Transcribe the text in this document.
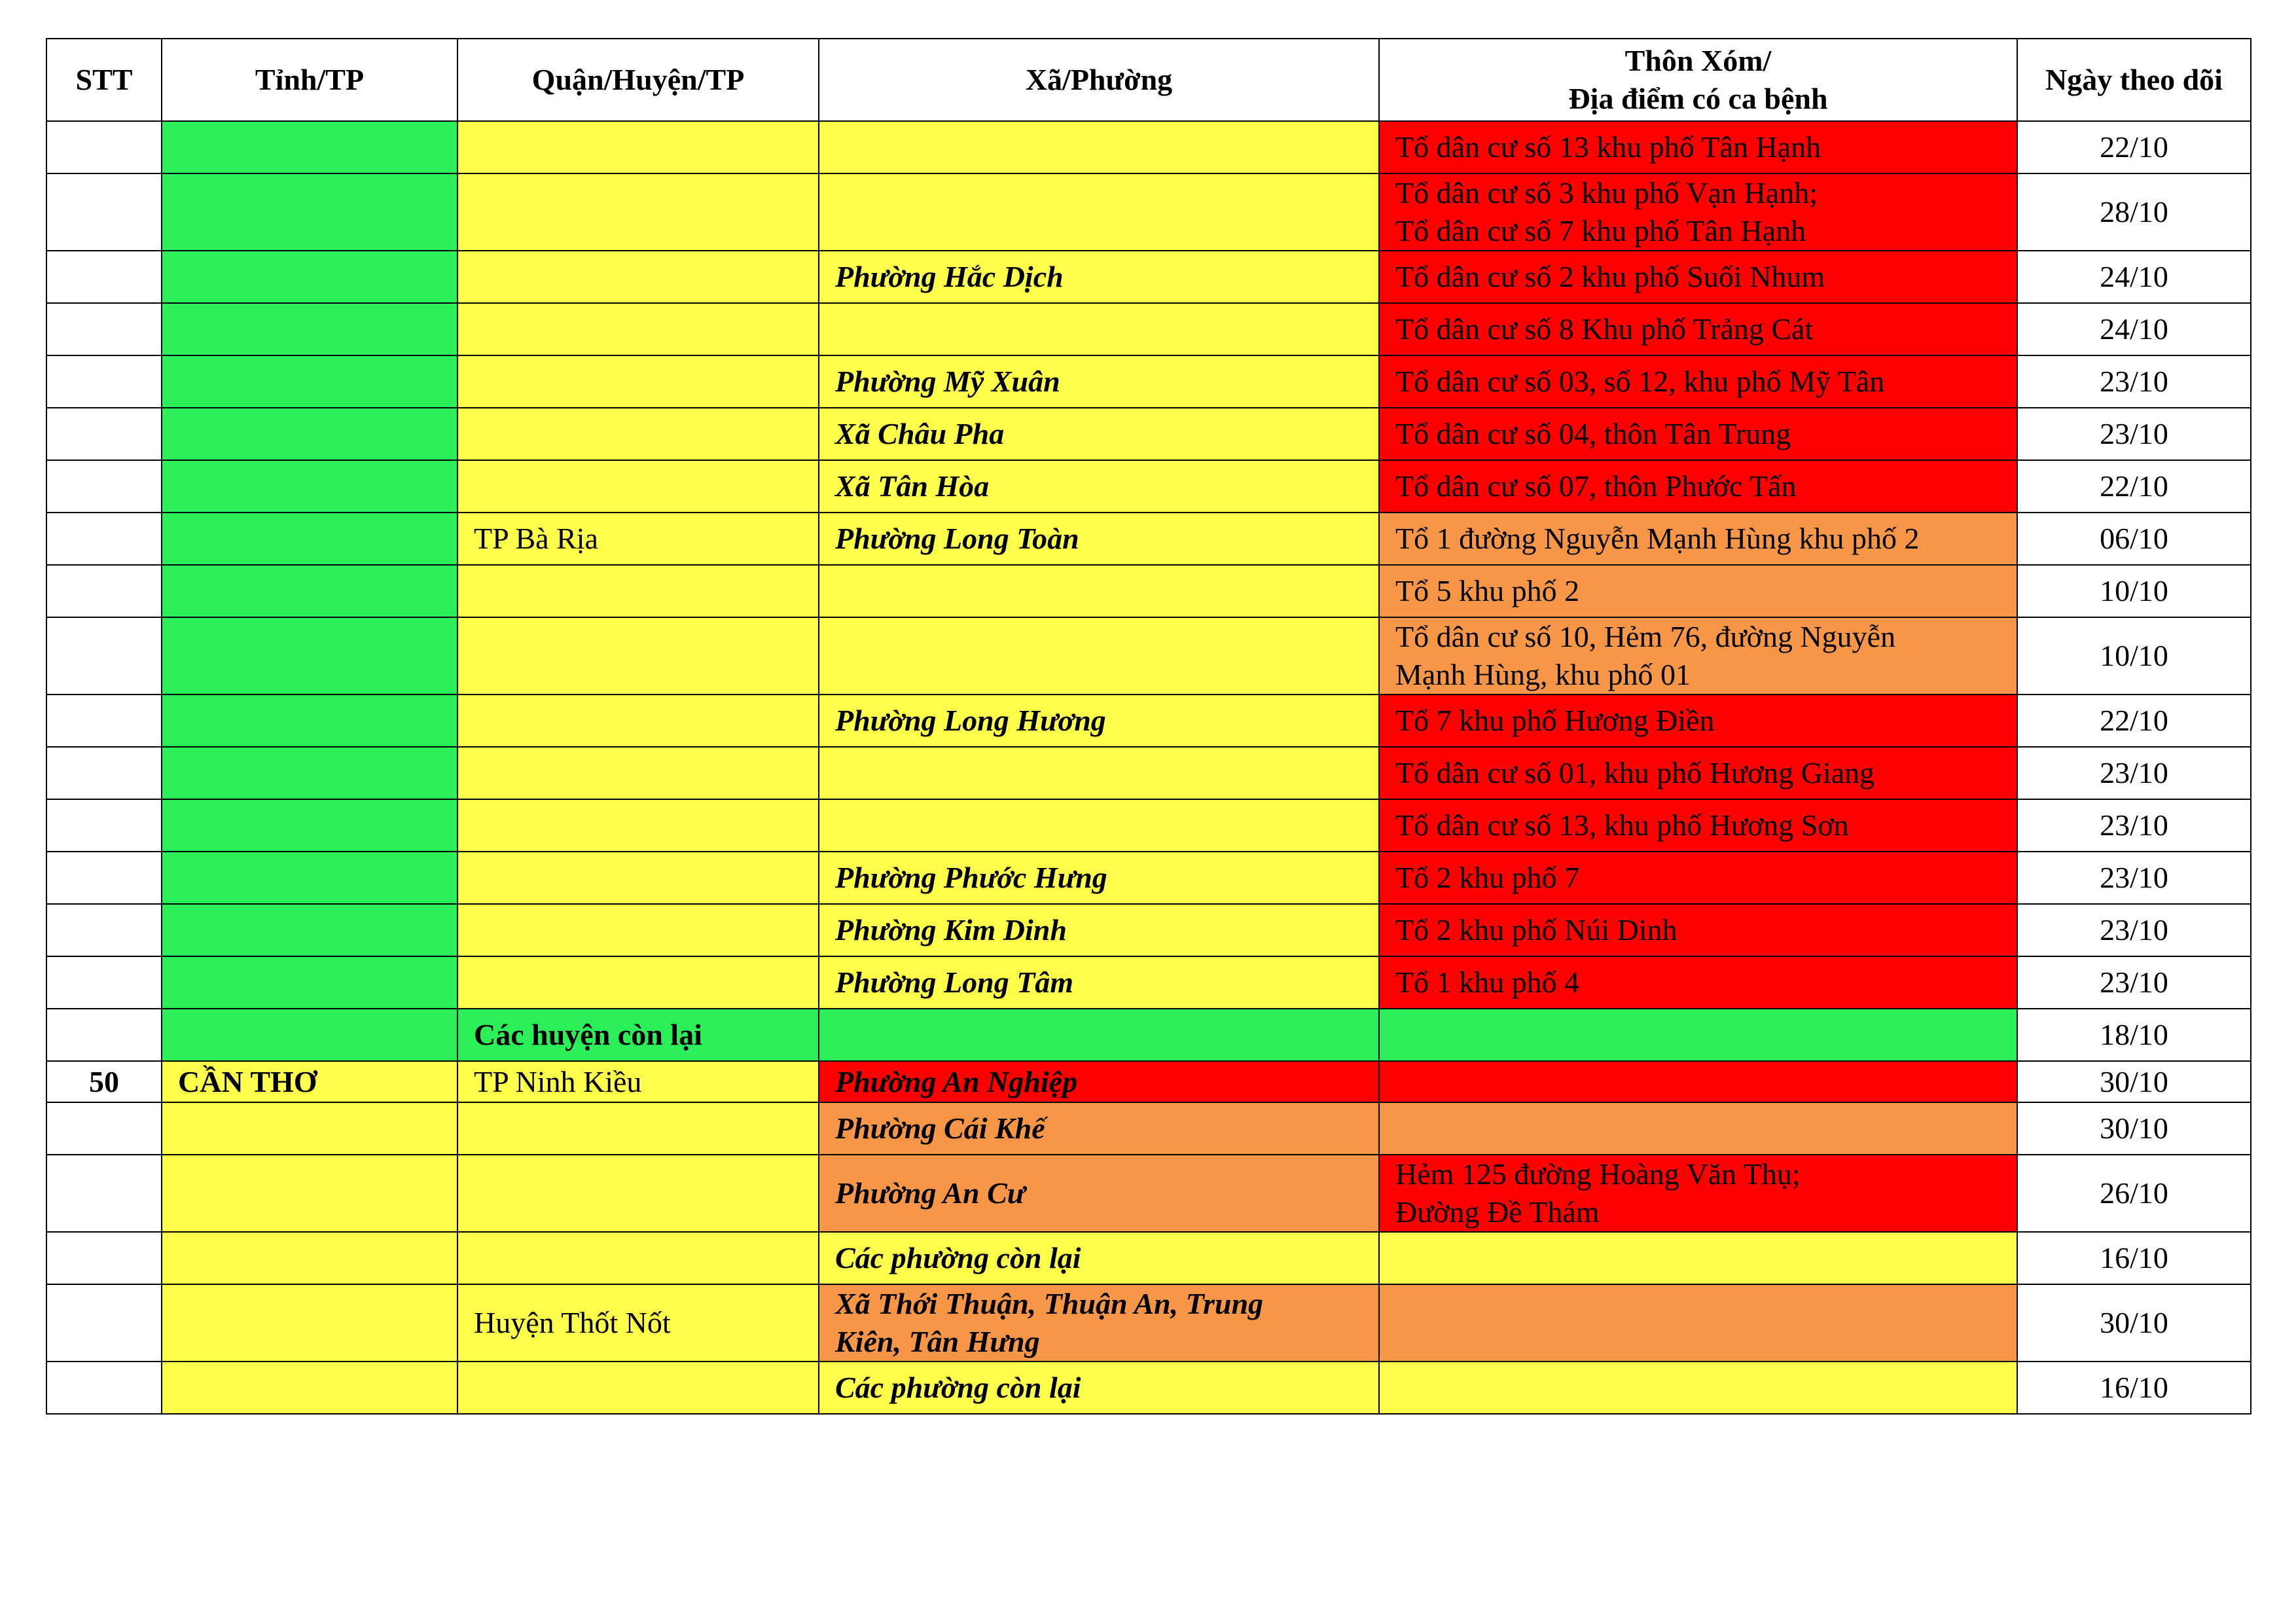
STT	Tỉnh/TP	Quận/Huyện/TP	Xã/Phường	Thôn Xóm/
Địa điểm có ca bệnh	Ngày theo dõi

				Tổ dân cư số 13 khu phố Tân Hạnh	22/10

				Tổ dân cư số 3 khu phố Vạn Hạnh;
Tổ dân cư số 7 khu phố Tân Hạnh	28/10
			Phường Hắc Dịch	Tổ dân cư số 2 khu phố Suối Nhum	24/10

				Tổ dân cư số 8 Khu phố Trảng Cát	24/10
			Phường Mỹ Xuân	Tổ dân cư số 03, số 12, khu phố Mỹ Tân	23/10
			Xã Châu Pha	Tổ dân cư số 04, thôn Tân Trung	23/10
			Xã Tân Hòa	Tổ dân cư số 07, thôn Phước Tấn	22/10
		TP Bà Rịa	Phường Long Toàn	Tổ 1 đường Nguyễn Mạnh Hùng khu phố 2	06/10

				Tổ 5 khu phố 2	10/10

				Tổ dân cư số 10, Hẻm 76, đường Nguyễn
Mạnh Hùng, khu phố 01	10/10
			Phường Long Hương	Tổ 7 khu phố Hương Điền	22/10

				Tổ dân cư số 01, khu phố Hương Giang	23/10

				Tổ dân cư số 13, khu phố Hương Sơn	23/10
			Phường Phước Hưng	Tổ 2 khu phố 7	23/10
			Phường Kim Dinh	Tổ 2 khu phố Núi Dinh	23/10
			Phường Long Tâm	Tổ 1 khu phố 4	23/10
		Các huyện còn lại			18/10
50	CẦN THƠ	TP Ninh Kiều	Phường An Nghiệp		30/10
			Phường Cái Khế		30/10
			Phường An Cư	Hẻm 125 đường Hoàng Văn Thụ;
Đường Đề Thám	26/10
			Các phường còn lại		16/10
		Huyện Thốt Nốt	Xã Thới Thuận, Thuận An, Trung
Kiên, Tân Hưng		30/10
			Các phường còn lại		16/10
